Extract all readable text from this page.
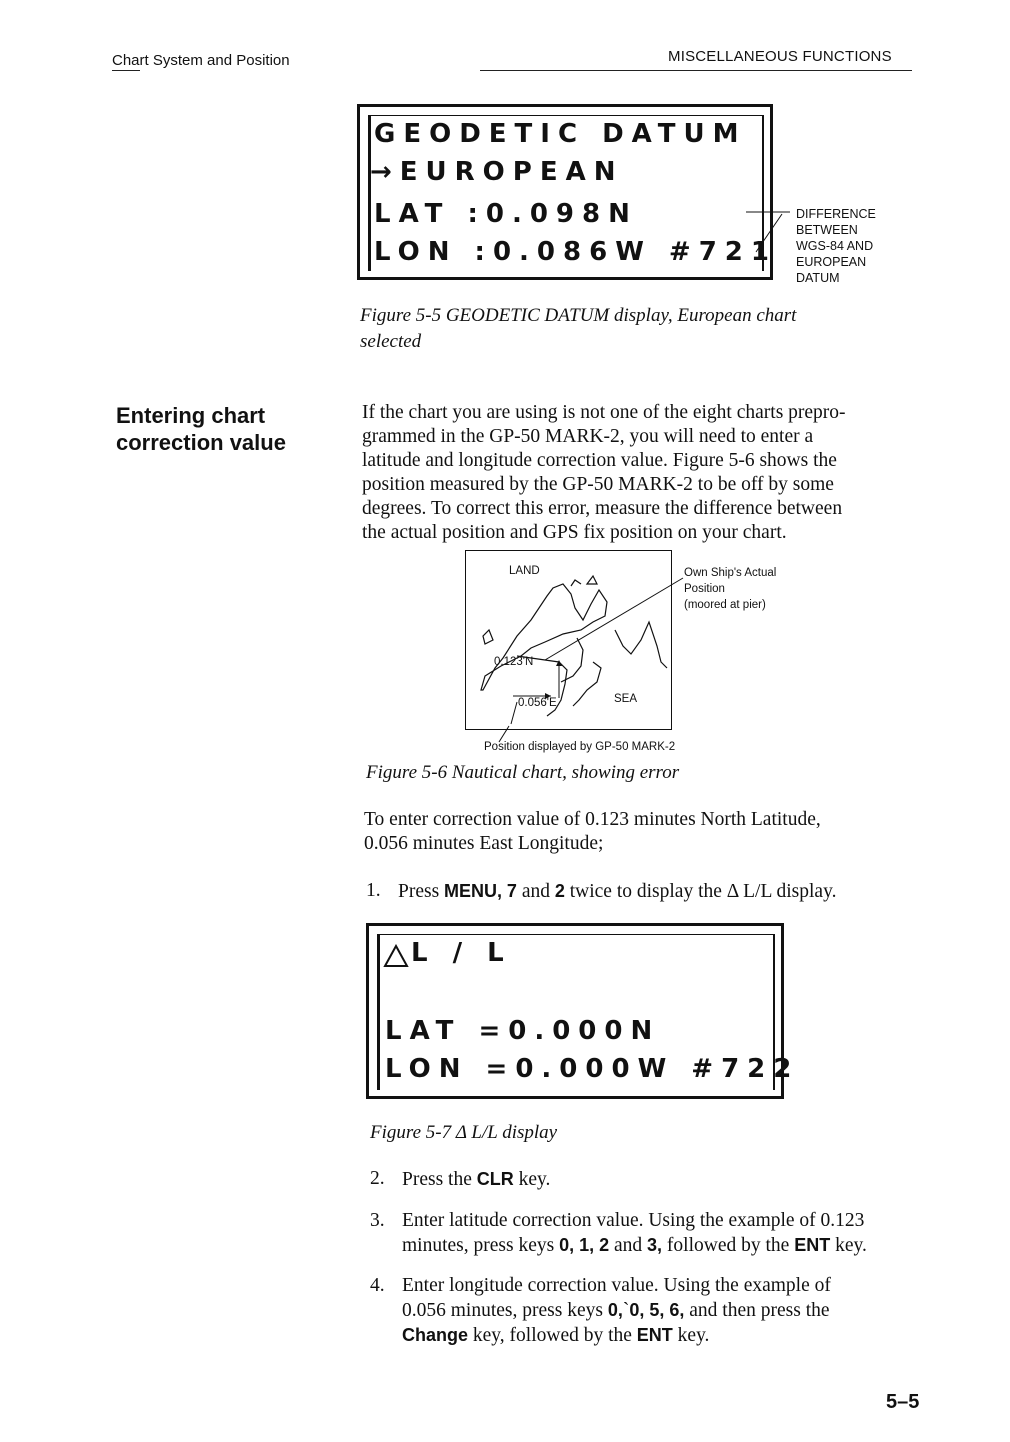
Chart System and Position	MISCELLANEOUS FUNCTIONS
GEODETIC DATUM
→EUROPEAN
LAT :0.098N
LON :0.086W #721
DIFFERENCE
BETWEEN
WGS-84 AND
EUROPEAN
DATUM
Figure 5-5 GEODETIC DATUM display, European chart
selected
Entering chart
correction value
If the chart you are using is not one of the eight charts prepro-
grammed in the GP-50 MARK-2, you will need to enter a
latitude and longitude correction value. Figure 5-6 shows the
position measured by the GP-50 MARK-2 to be off by some
degrees. To correct this error, measure the difference between
the actual position and GPS fix position on your chart.
LAND
0.123'N
0.056'E	SEA
Own Ship's Actual
Position
(moored at pier)
Position displayed by GP-50 MARK-2
Figure 5-6 Nautical chart, showing error
To enter correction value of 0.123 minutes North Latitude,
0.056 minutes East Longitude;
1. Press MENU, 7 and 2 twice to display the Δ L/L display.
L / L
LAT =0.000N
LON =0.000W #722
Figure 5-7 Δ L/L display
2. Press the CLR key.
3. Enter latitude correction value. Using the example of 0.123
minutes, press keys 0, 1, 2 and 3, followed by the ENT key.
4. Enter longitude correction value. Using the example of
0.056 minutes, press keys 0,`0, 5, 6, and then press the
Change key, followed by the ENT key.
5–5
